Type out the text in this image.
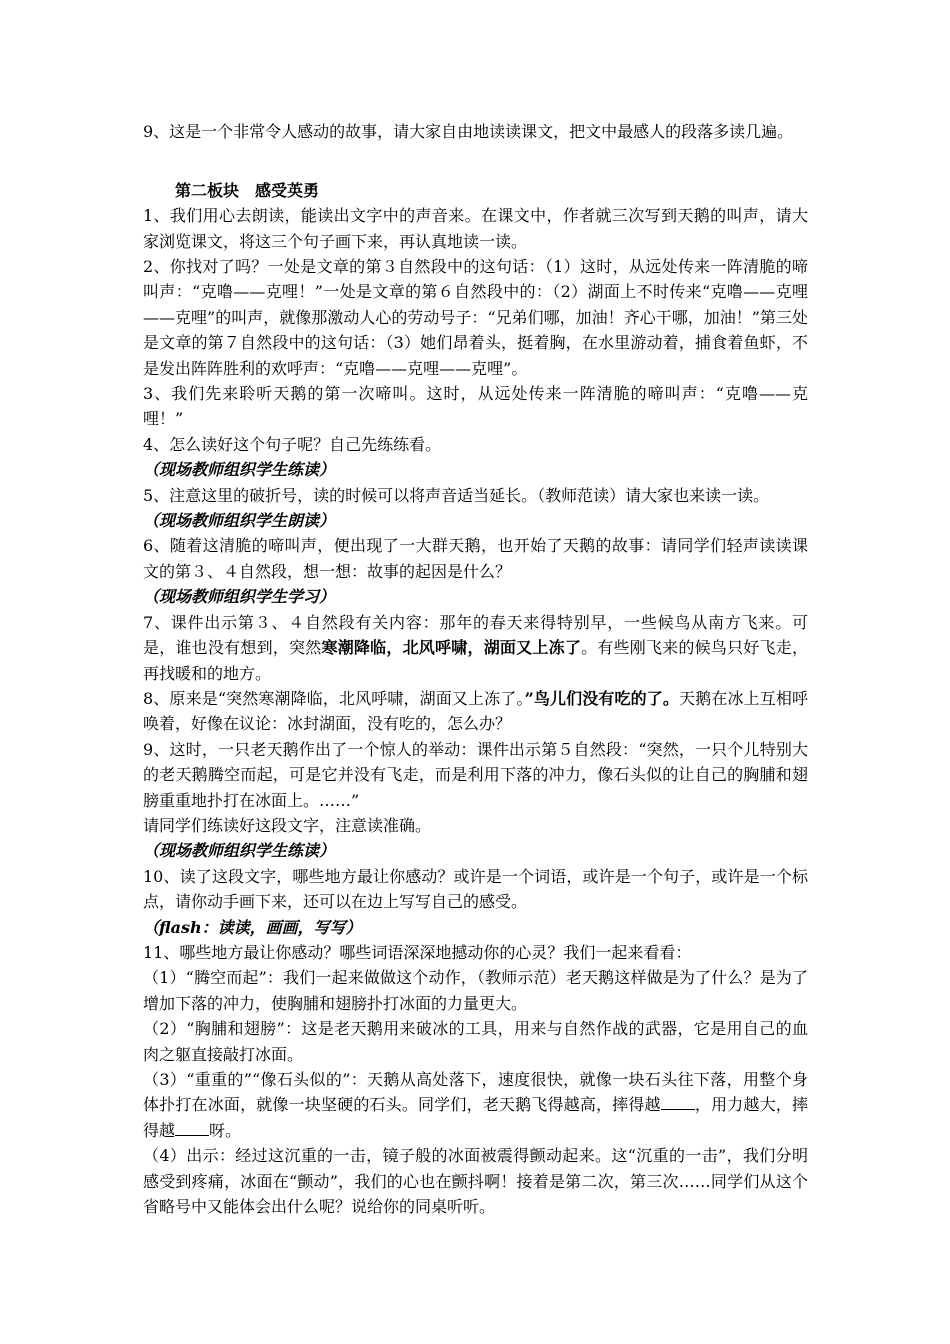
9、这是一个非常令人感动的故事，请大家自由地读读课文，把文中最感人的段落多读几遍。

第二板块　感受英勇

1、我们用心去朗读，能读出文字中的声音来。在课文中，作者就三次写到天鹅的叫声，请大家浏览课文，将这三个句子画下来，再认真地读一读。

2、你找对了吗？一处是文章的第３自然段中的这句话：（1）这时，从远处传来一阵清脆的啼叫声：“克噜——克哩！”一处是文章的第６自然段中的：（2）湖面上不时传来“克噜——克哩——克哩”的叫声，就像那激动人心的劳动号子：“兄弟们哪，加油！齐心干哪，加油！”第三处是文章的第７自然段中的这句话：（3）她们昂着头，挺着胸，在水里游动着，捕食着鱼虾，不是发出阵阵胜利的欢呼声：“克噜——克哩——克哩”。

3、我们先来聆听天鹅的第一次啼叫。这时，从远处传来一阵清脆的啼叫声：“克噜——克哩！”

4、怎么读好这个句子呢？自己先练练看。

（现场教师组织学生练读）

5、注意这里的破折号，读的时候可以将声音适当延长。（教师范读）请大家也来读一读。

（现场教师组织学生朗读）

6、随着这清脆的啼叫声，便出现了一大群天鹅，也开始了天鹅的故事：请同学们轻声读读课文的第３、４自然段，想一想：故事的起因是什么？

（现场教师组织学生学习）

7、课件出示第３、４自然段有关内容：那年的春天来得特别早，一些候鸟从南方飞来。可是，谁也没有想到，突然寒潮降临，北风呼啸，湖面又上冻了。有些刚飞来的候鸟只好飞走，再找暖和的地方。

8、原来是“突然寒潮降临，北风呼啸，湖面又上冻了。”鸟儿们没有吃的了。天鹅在冰上互相呼唤着，好像在议论：冰封湖面，没有吃的，怎么办？

9、这时，一只老天鹅作出了一个惊人的举动：课件出示第５自然段：“突然，一只个儿特别大的老天鹅腾空而起，可是它并没有飞走，而是利用下落的冲力，像石头似的让自己的胸脯和翅膀重重地扑打在冰面上。……”

请同学们练读好这段文字，注意读准确。

（现场教师组织学生练读）

10、读了这段文字，哪些地方最让你感动？或许是一个词语，或许是一个句子，或许是一个标点，请你动手画下来，还可以在边上写写自己的感受。

（flash：读读，画画，写写）

11、哪些地方最让你感动？哪些词语深深地撼动你的心灵？我们一起来看看：

（1）“腾空而起”：我们一起来做做这个动作，（教师示范）老天鹅这样做是为了什么？是为了增加下落的冲力，使胸脯和翅膀扑打冰面的力量更大。

（2）“胸脯和翅膀”：这是老天鹅用来破冰的工具，用来与自然作战的武器，它是用自己的血肉之躯直接敲打冰面。

（3）“重重的”“像石头似的”：天鹅从高处落下，速度很快，就像一块石头往下落，用整个身体扑打在冰面，就像一块坚硬的石头。同学们，老天鹅飞得越高，摔得越 ，用力越大，摔得越 呀。

（4）出示：经过这沉重的一击，镜子般的冰面被震得颤动起来。这“沉重的一击”，我们分明感受到疼痛，冰面在“颤动”，我们的心也在颤抖啊！接着是第二次，第三次……同学们从这个省略号中又能体会出什么呢？说给你的同桌听听。
